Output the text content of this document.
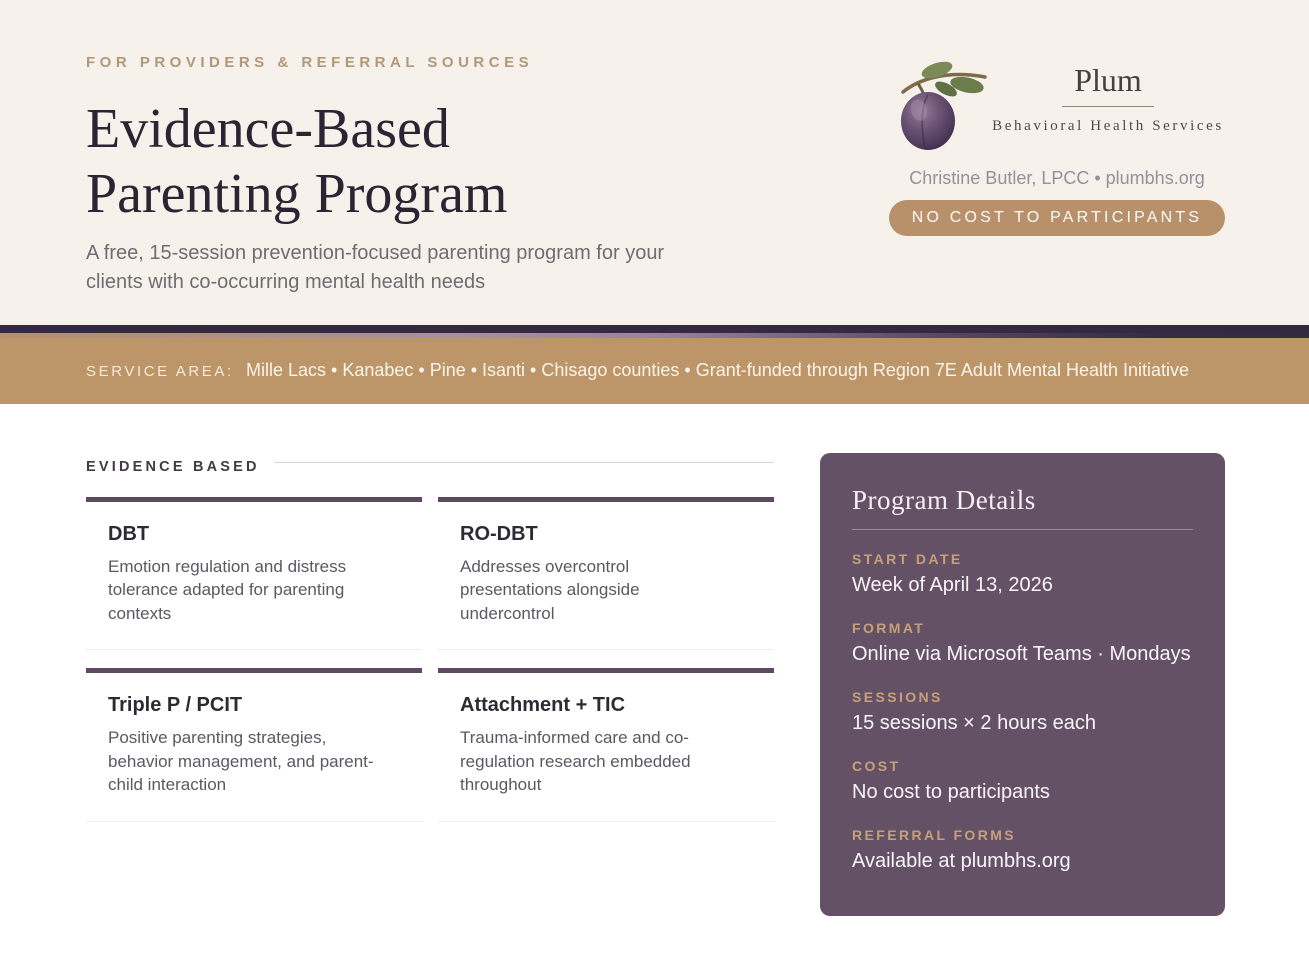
FOR PROVIDERS & REFERRAL SOURCES
Evidence-Based
Parenting Program

A free, 15-session prevention-focused parenting program for your clients with co-occurring mental health needs

Plum
Behavioral Health Services
Christine Butler, LPCC • plumbhs.org
NO COST TO PARTICIPANTS
SERVICE AREA: Mille Lacs • Kanabec • Pine • Isanti • Chisago counties • Grant-funded through Region 7E Adult Mental Health Initiative
EVIDENCE BASED
DBT
Emotion regulation and distress tolerance adapted for parenting contexts
RO-DBT
Addresses overcontrol presentations alongside undercontrol
Triple P / PCIT
Positive parenting strategies, behavior management, and parent-child interaction
Attachment + TIC
Trauma-informed care and co-regulation research embedded throughout
Program Details
START DATE
Week of April 13, 2026
FORMAT
Online via Microsoft Teams · Mondays
SESSIONS
15 sessions × 2 hours each
COST
No cost to participants
REFERRAL FORMS
Available at plumbhs.org
